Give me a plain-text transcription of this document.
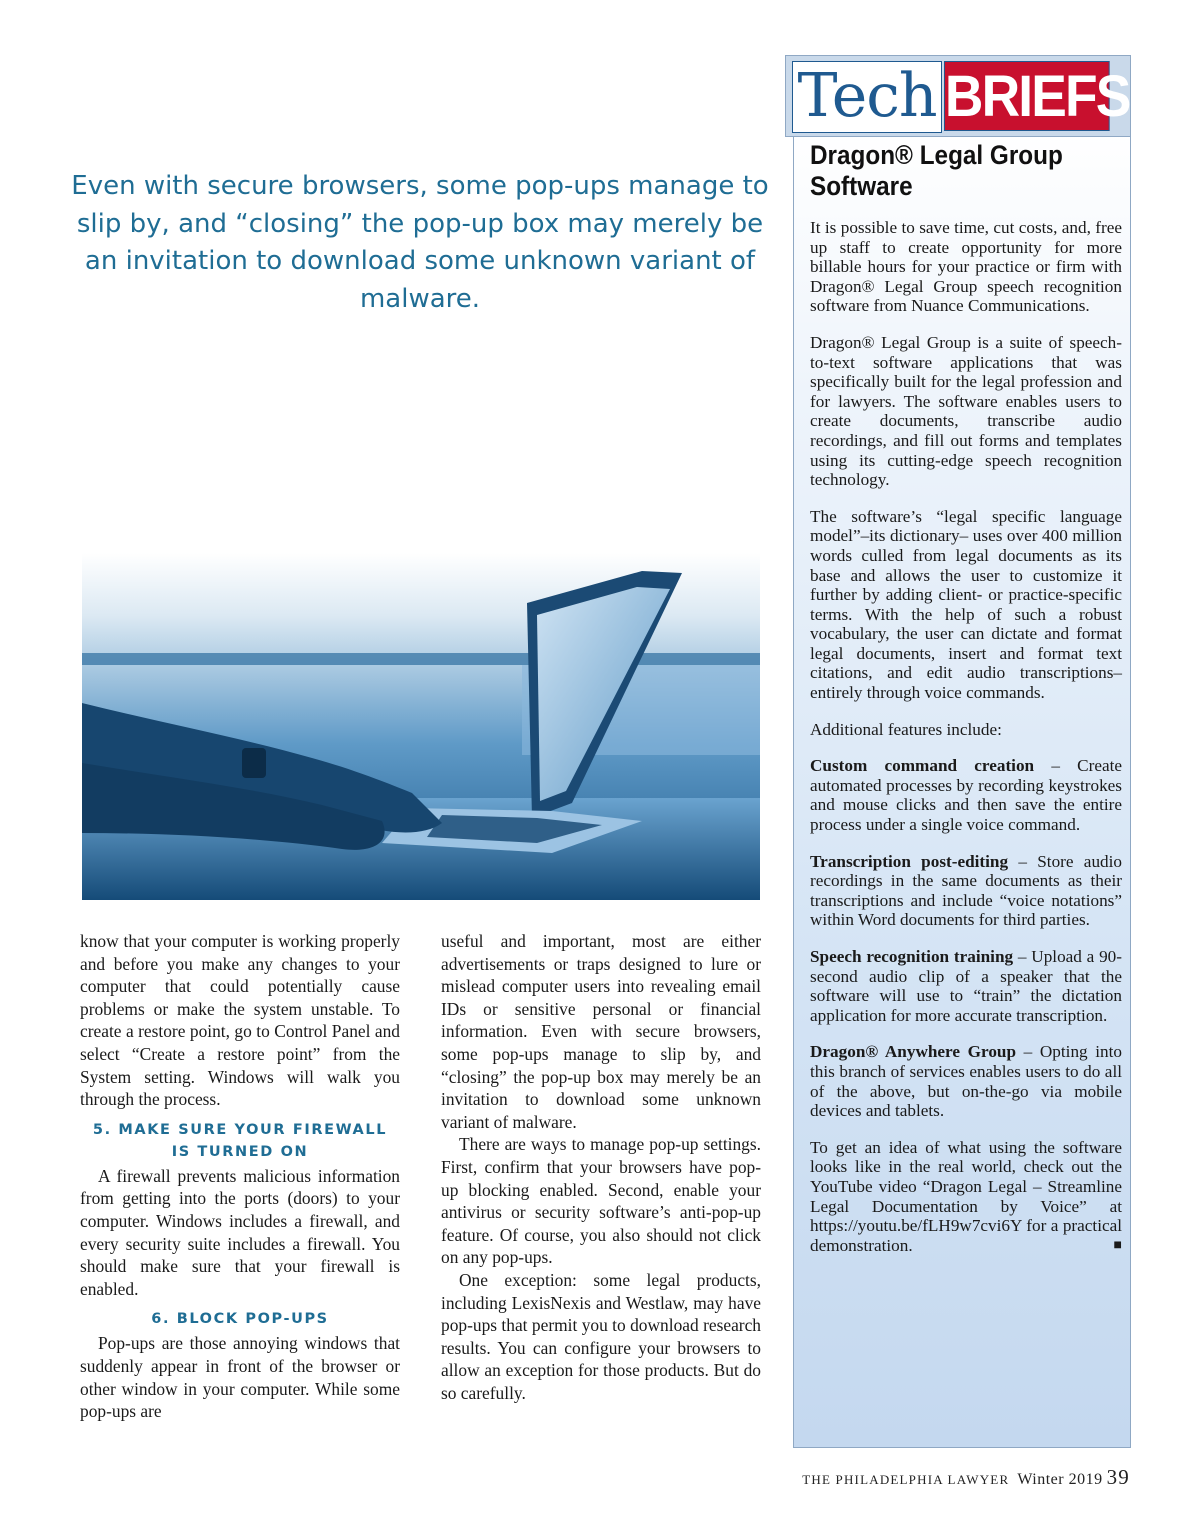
Even with secure browsers, some pop-ups manage to slip by, and “closing” the pop-up box may merely be an invitation to download some unknown variant of malware.

know that your computer is working properly and before you make any changes to your computer that could potentially cause problems or make the system unstable. To create a restore point, go to Control Panel and select “Create a restore point” from the System setting. Windows will walk you through the process.

5. MAKE SURE YOUR FIREWALL
IS TURNED ON

A firewall prevents malicious information from getting into the ports (doors) to your computer. Windows includes a firewall, and every security suite includes a firewall. You should make sure that your firewall is enabled.

6. BLOCK POP-UPS

Pop-ups are those annoying windows that suddenly appear in front of the browser or other window in your computer. While some pop-ups are

useful and important, most are either advertisements or traps designed to lure or mislead computer users into revealing email IDs or sensitive personal or financial information. Even with secure browsers, some pop-ups manage to slip by, and “closing” the pop-up box may merely be an invitation to download some unknown variant of malware.

There are ways to manage pop-up settings. First, confirm that your browsers have pop-up blocking enabled. Second, enable your antivirus or security software’s anti-pop-up feature. Of course, you also should not click on any pop-ups.

One exception: some legal products, including LexisNexis and Westlaw, may have pop-ups that permit you to download research results. You can configure your browsers to allow an exception for those products. But do so carefully.

Tech BRIEFS
Dragon® Legal Group
Software

It is possible to save time, cut costs, and, free up staff to create opportunity for more billable hours for your practice or firm with Dragon® Legal Group speech recognition software from Nuance Communications.

Dragon® Legal Group is a suite of speech-to-text software applications that was specifically built for the legal profession and for lawyers. The software enables users to create documents, transcribe audio recordings, and fill out forms and templates using its cutting-edge speech recognition technology.

The software’s “legal specific language model”–its dictionary– uses over 400 million words culled from legal documents as its base and allows the user to customize it further by adding client- or practice-specific terms. With the help of such a robust vocabulary, the user can dictate and format legal documents, insert and format text citations, and edit audio transcriptions– entirely through voice commands.

Additional features include:

Custom command creation – Create automated processes by recording keystrokes and mouse clicks and then save the entire process under a single voice command.

Transcription post-editing – Store audio recordings in the same documents as their transcriptions and include “voice notations” within Word documents for third parties.

Speech recognition training – Upload a 90-second audio clip of a speaker that the software will use to “train” the dictation application for more accurate transcription.

Dragon® Anywhere Group – Opting into this branch of services enables users to do all of the above, but on-the-go via mobile devices and tablets.

To get an idea of what using the software looks like in the real world, check out the YouTube video “Dragon Legal – Streamline Legal Documentation by Voice” at https://youtu.be/fLH9w7cvi6Y for a practical demonstration.	■

THE PHILADELPHIA LAWYER Winter 2019 39
